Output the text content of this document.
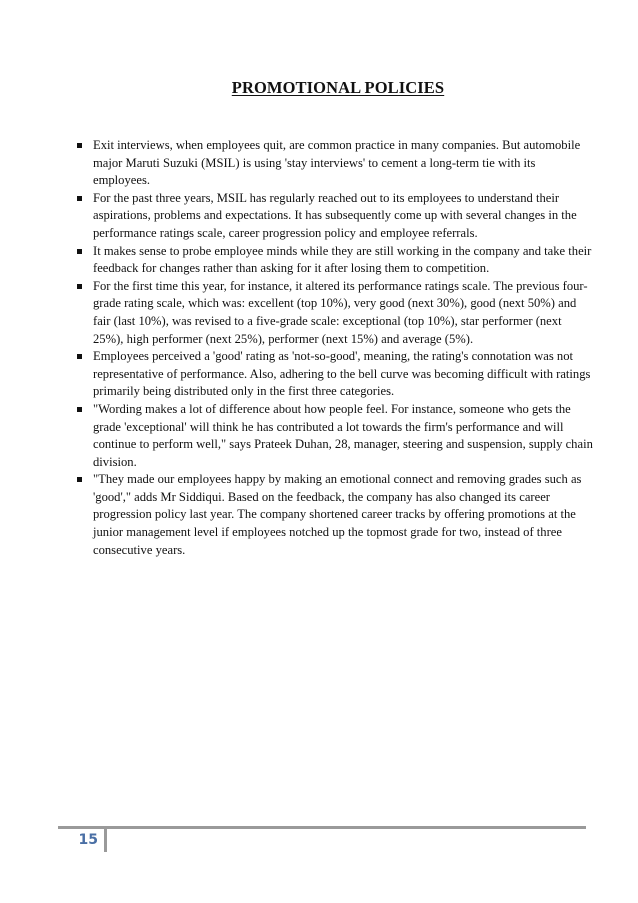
PROMOTIONAL POLICIES
Exit interviews, when employees quit, are common practice in many companies. But automobile major Maruti Suzuki (MSIL) is using 'stay interviews' to cement a long-term tie with its employees.
For the past three years, MSIL has regularly reached out to its employees to understand their aspirations, problems and expectations. It has subsequently come up with several changes in the performance ratings scale, career progression policy and employee referrals.
It makes sense to probe employee minds while they are still working in the company and take their feedback for changes rather than asking for it after losing them to competition.
For the first time this year, for instance, it altered its performance ratings scale. The previous four-grade rating scale, which was: excellent (top 10%), very good (next 30%), good (next 50%) and fair (last 10%), was revised to a five-grade scale: exceptional (top 10%), star performer (next 25%), high performer (next 25%), performer (next 15%) and average (5%).
Employees perceived a 'good' rating as 'not-so-good', meaning, the rating's connotation was not representative of performance. Also, adhering to the bell curve was becoming difficult with ratings primarily being distributed only in the first three categories.
"Wording makes a lot of difference about how people feel. For instance, someone who gets the grade 'exceptional' will think he has contributed a lot towards the firm's performance and will continue to perform well," says Prateek Duhan, 28, manager, steering and suspension, supply chain division.
"They made our employees happy by making an emotional connect and removing grades such as 'good'," adds Mr Siddiqui. Based on the feedback, the company has also changed its career progression policy last year. The company shortened career tracks by offering promotions at the junior management level if employees notched up the topmost grade for two, instead of three consecutive years.
15
